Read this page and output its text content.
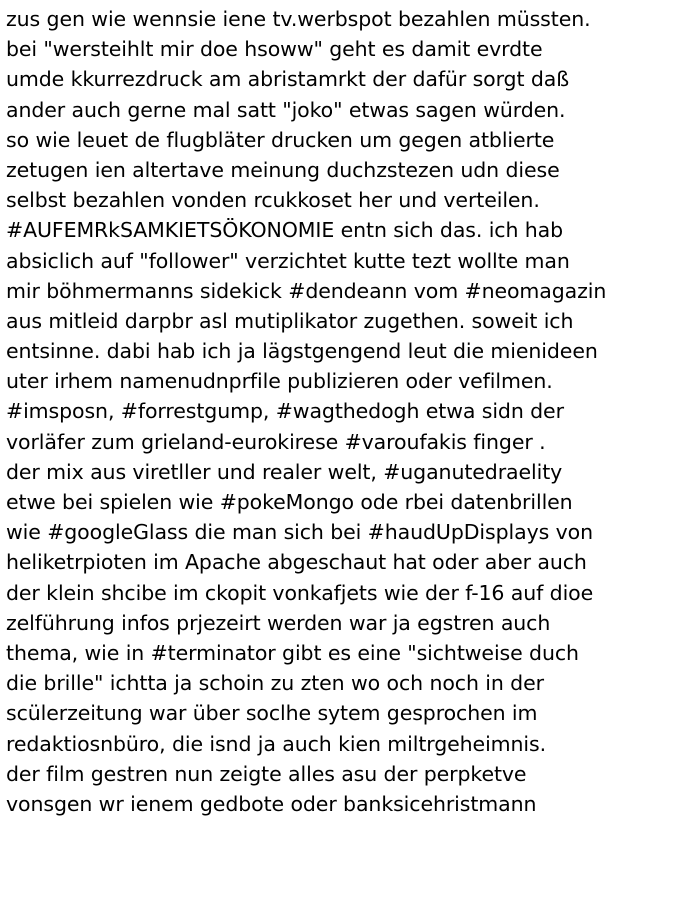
zus gen wie wennsie iene tv.werbspot bezahlen müssten.
bei "wersteihlt mir doe hsoww" geht es damit evrdte
umde kkurrezdruck am abristamrkt der dafür sorgt daß
ander auch gerne mal satt "joko" etwas sagen würden.
so wie leuet de flugbläter drucken um gegen atblierte
zetugen ien altertave meinung duchzstezen udn diese
selbst bezahlen vonden rcukkoset her und verteilen.
#AUFEMRkSAMKIETSÖKONOMIE entn sich das. ich hab
absiclich auf "follower" verzichtet kutte tezt wollte man
mir böhmermanns sidekick #dendeann vom #neomagazin
aus mitleid darpbr asl mutiplikator zugethen. soweit ich
entsinne. dabi hab ich ja lägstgengend leut die mienideen
uter irhem namenudnprfile publizieren oder vefilmen.
#imsposn, #forrestgump, #wagthedogh etwa sidn der
vorläfer zum grieland-eurokirese #varoufakis finger .
der mix aus viretller und realer welt, #uganutedraelity
etwe bei spielen wie #pokeMongo ode rbei datenbrillen
wie #googleGlass die man sich bei #haudUpDisplays von
heliketrpioten im Apache abgeschaut hat oder aber auch
der klein shcibe im ckopit vonkafjets wie der f-16 auf dioe
zelführung infos prjezeirt werden war ja egstren auch
thema, wie in #terminator gibt es eine "sichtweise duch
die brille" ichtta ja schoin zu zten wo och noch in der
scülerzeitung war über soclhe sytem gesprochen im
redaktiosnbüro, die isnd ja auch kien miltrgeheimnis.
der film gestren nun zeigte alles asu der perpketve
vonsgen wr ienem gedbote oder banksicehristmann
